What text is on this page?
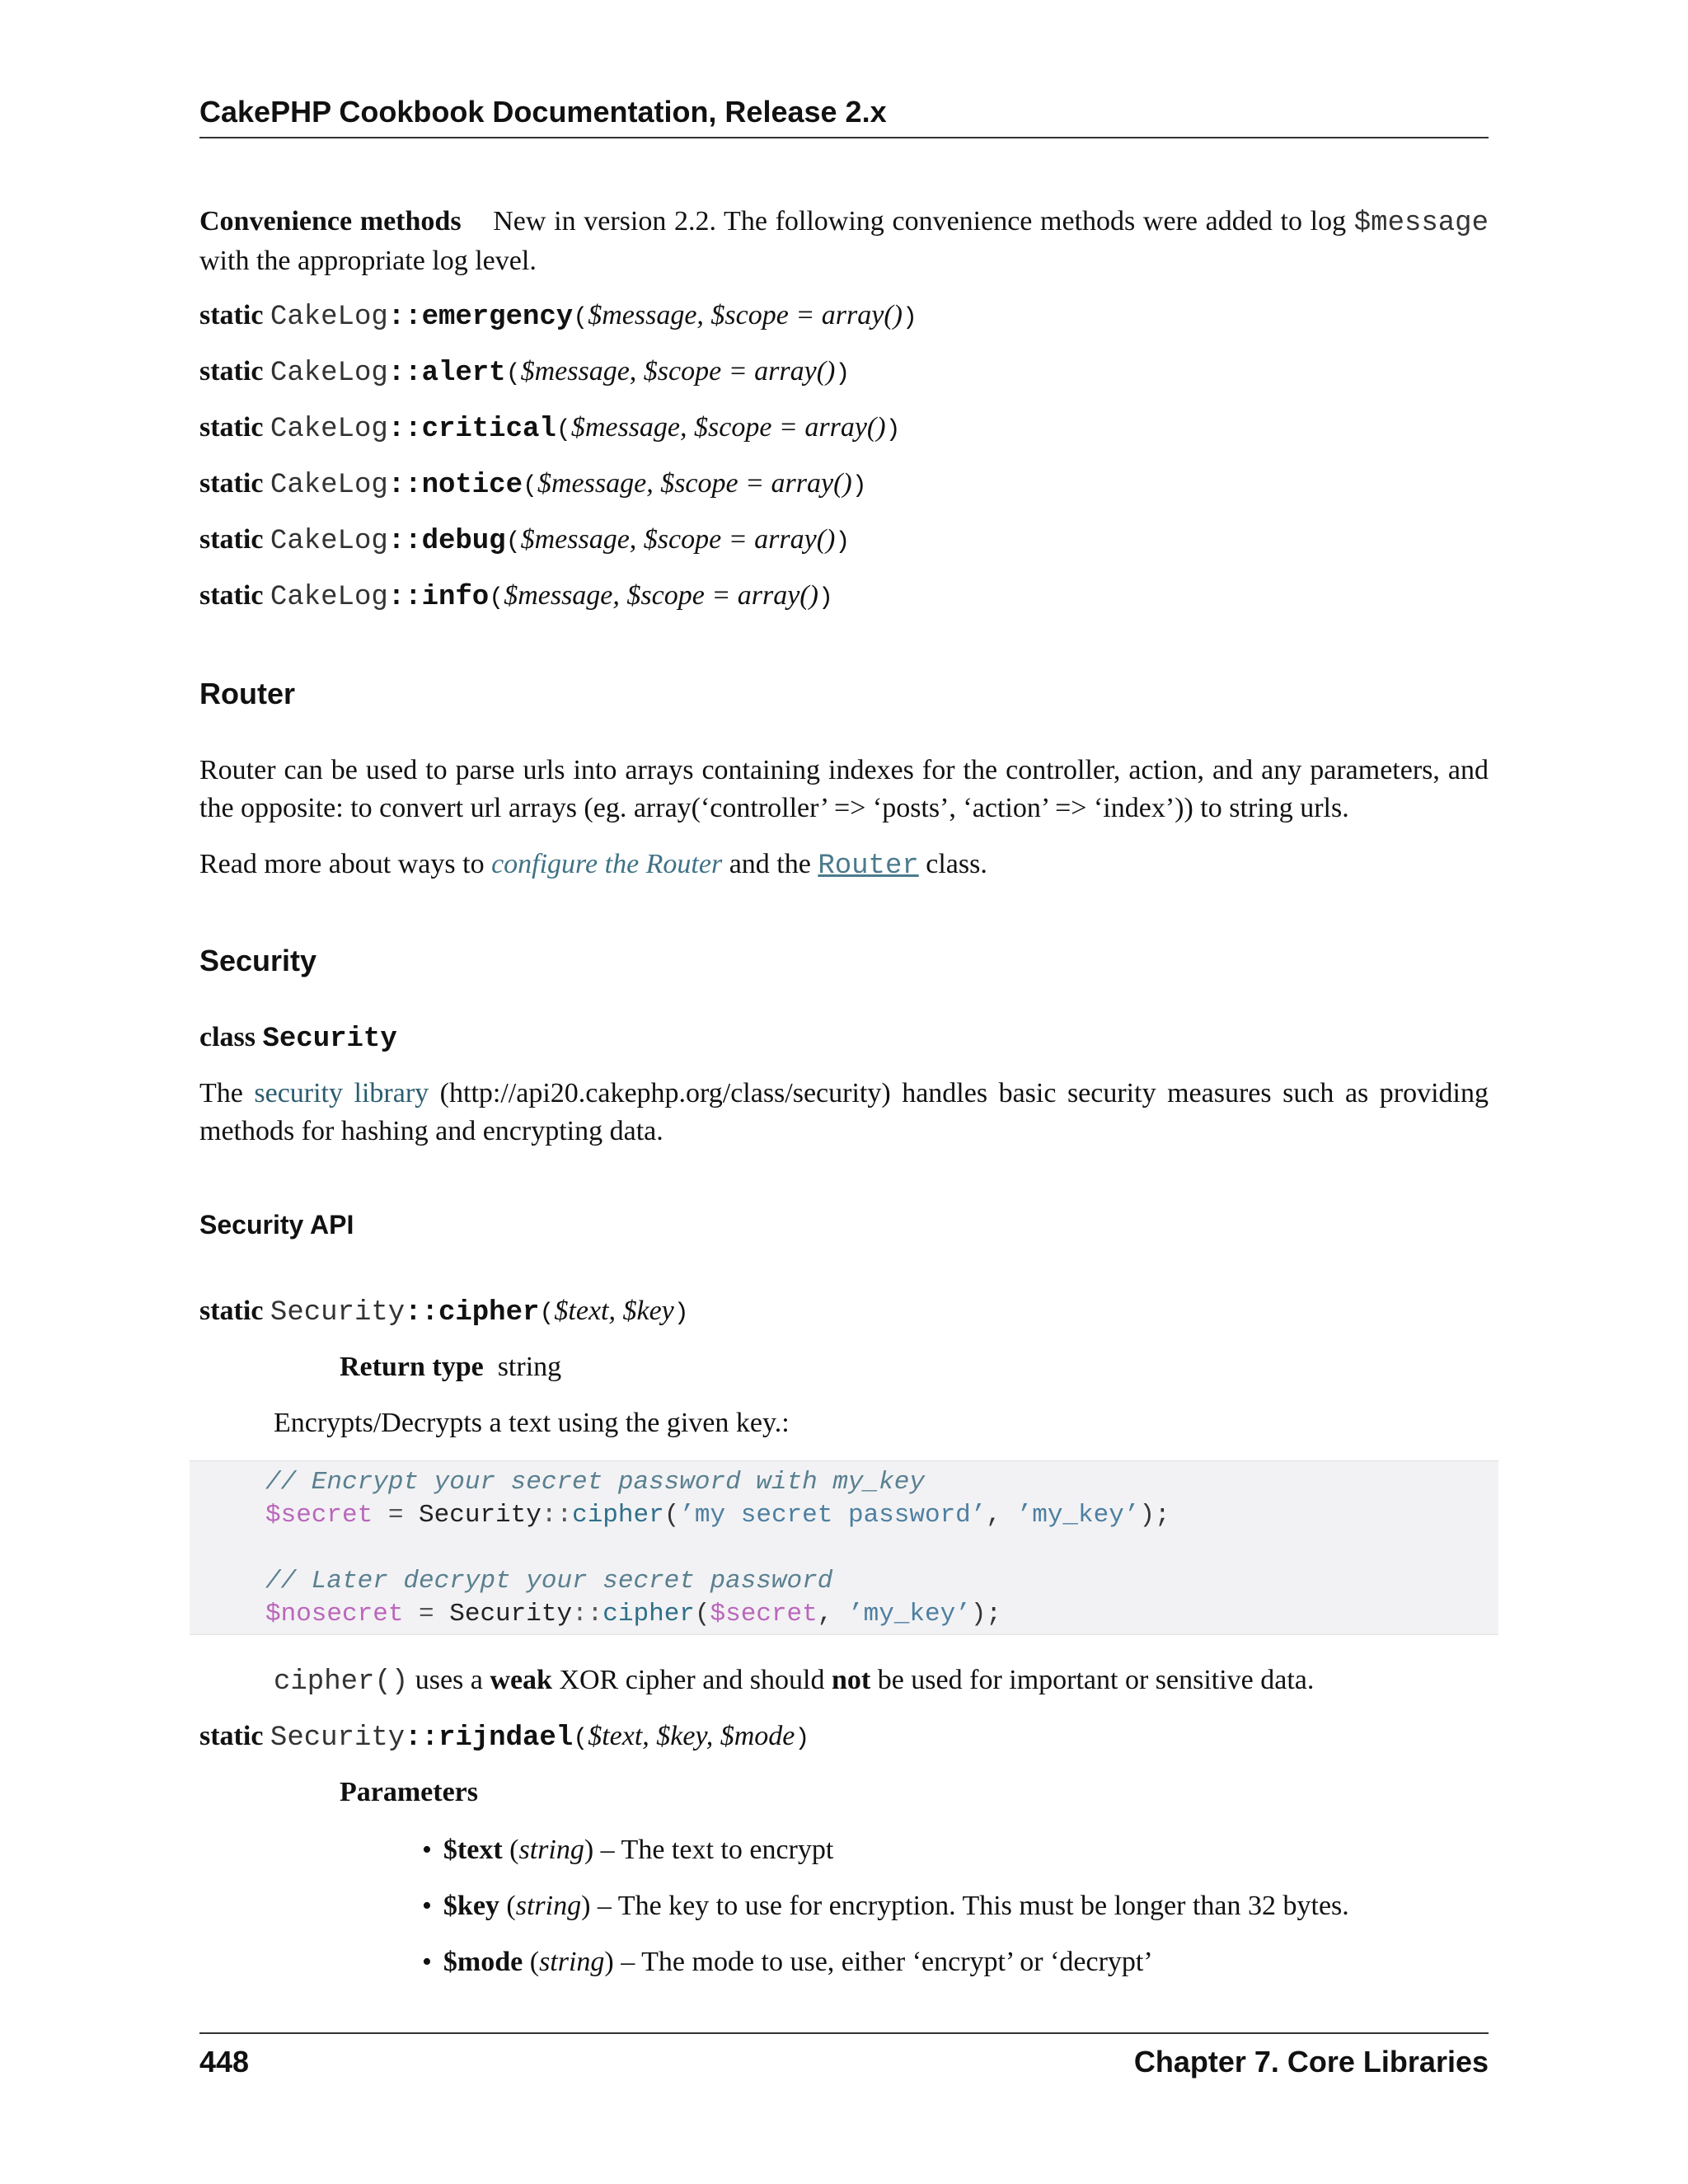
CakePHP Cookbook Documentation, Release 2.x
Convenience methods New in version 2.2. The following convenience methods were added to log $message with the appropriate log level.
static CakeLog::emergency($message, $scope = array())
static CakeLog::alert($message, $scope = array())
static CakeLog::critical($message, $scope = array())
static CakeLog::notice($message, $scope = array())
static CakeLog::debug($message, $scope = array())
static CakeLog::info($message, $scope = array())
Router
Router can be used to parse urls into arrays containing indexes for the controller, action, and any parameters, and the opposite: to convert url arrays (eg. array(‘controller’ => ‘posts’, ‘action’ => ‘index’)) to string urls.
Read more about ways to configure the Router and the Router class.
Security
class Security
The security library (http://api20.cakephp.org/class/security) handles basic security measures such as providing methods for hashing and encrypting data.
Security API
static Security::cipher($text, $key)
Return type string
Encrypts/Decrypts a text using the given key.:
// Encrypt your secret password with my_key
$secret = Security::cipher(’my secret password’, ’my_key’);
// Later decrypt your secret password
$nosecret = Security::cipher($secret, ’my_key’);
cipher() uses a weak XOR cipher and should not be used for important or sensitive data.
static Security::rijndael($text, $key, $mode)
Parameters
• $text (string) – The text to encrypt
• $key (string) – The key to use for encryption. This must be longer than 32 bytes.
• $mode (string) – The mode to use, either ‘encrypt’ or ‘decrypt’
448	Chapter 7. Core Libraries
